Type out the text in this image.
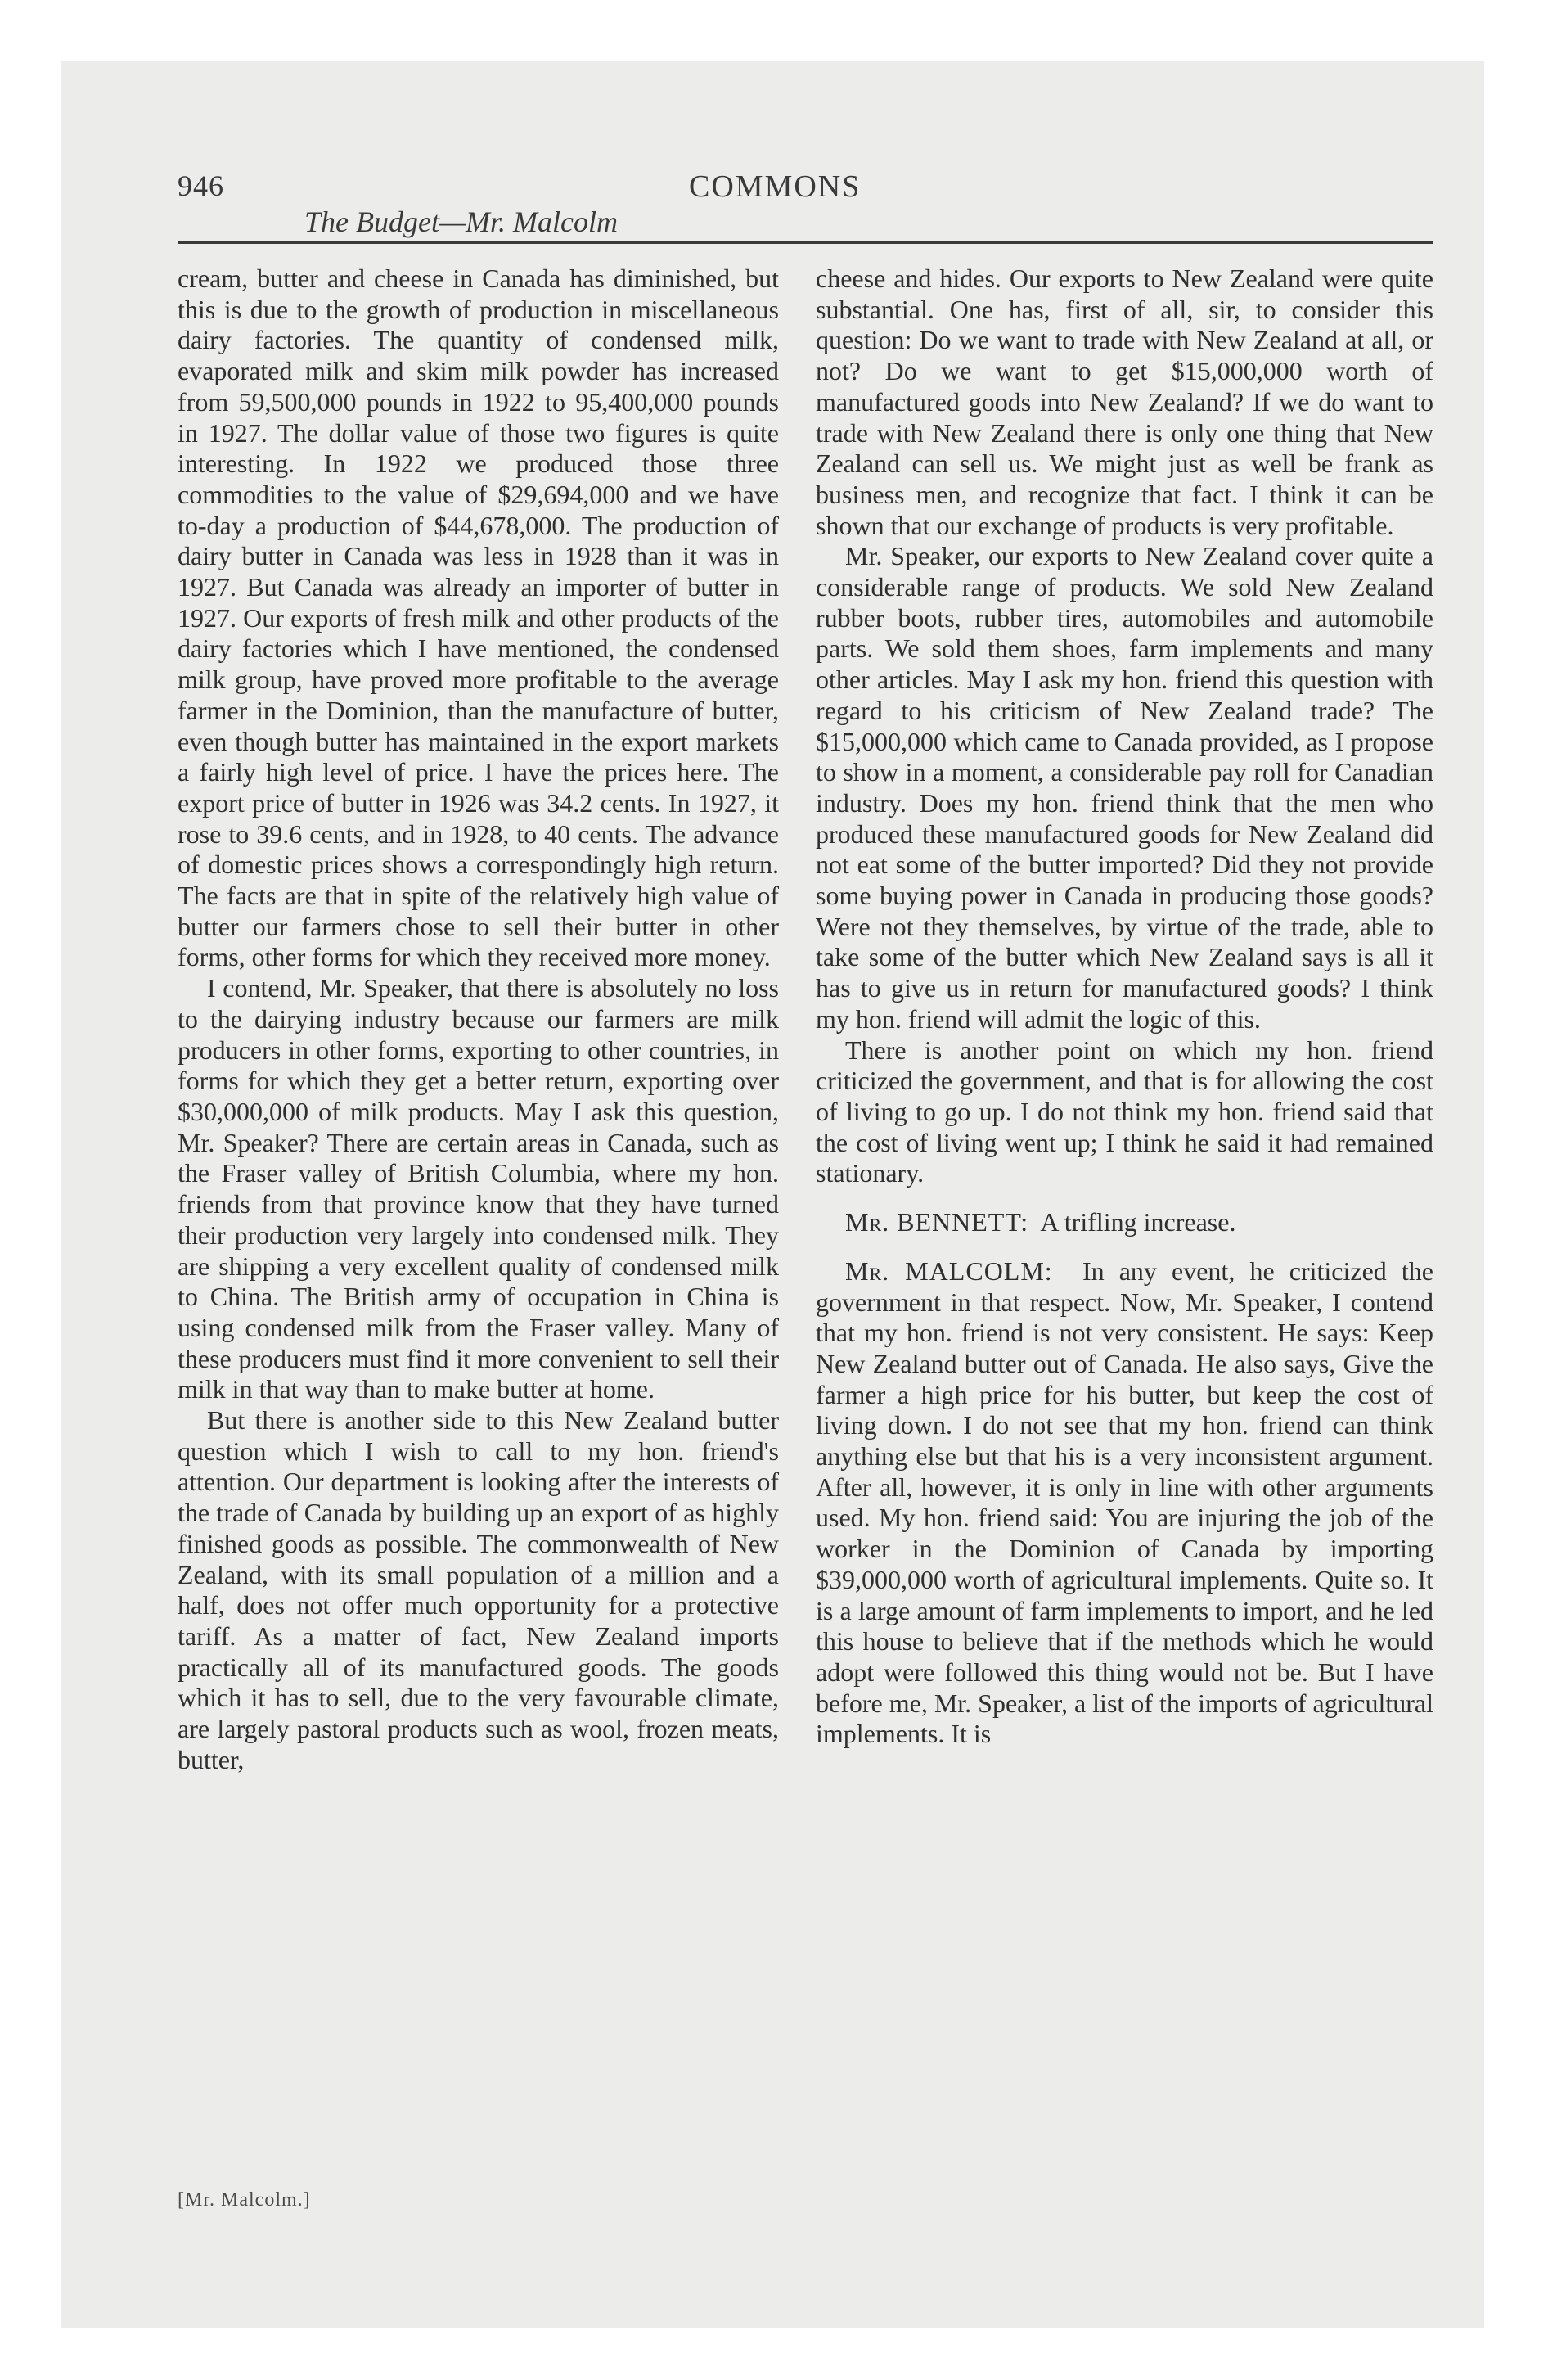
946
The Budget—Mr. Malcolm
COMMONS

cream, butter and cheese in Canada has diminished, but this is due to the growth of production in miscellaneous dairy factories. The quantity of condensed milk, evaporated milk and skim milk powder has increased from 59,500,000 pounds in 1922 to 95,400,000 pounds in 1927. The dollar value of those two figures is quite interesting. In 1922 we produced those three commodities to the value of $29,694,000 and we have to-day a production of $44,678,000. The production of dairy butter in Canada was less in 1928 than it was in 1927. But Canada was already an importer of butter in 1927. Our exports of fresh milk and other products of the dairy factories which I have mentioned, the condensed milk group, have proved more profitable to the average farmer in the Dominion, than the manufacture of butter, even though butter has maintained in the export markets a fairly high level of price. I have the prices here. The export price of butter in 1926 was 34.2 cents. In 1927, it rose to 39.6 cents, and in 1928, to 40 cents. The advance of domestic prices shows a correspondingly high return. The facts are that in spite of the relatively high value of butter our farmers chose to sell their butter in other forms, other forms for which they received more money.

I contend, Mr. Speaker, that there is absolutely no loss to the dairying industry because our farmers are milk producers in other forms, exporting to other countries, in forms for which they get a better return, exporting over $30,000,000 of milk products. May I ask this question, Mr. Speaker? There are certain areas in Canada, such as the Fraser valley of British Columbia, where my hon. friends from that province know that they have turned their production very largely into condensed milk. They are shipping a very excellent quality of condensed milk to China. The British army of occupation in China is using condensed milk from the Fraser valley. Many of these producers must find it more convenient to sell their milk in that way than to make butter at home.

But there is another side to this New Zealand butter question which I wish to call to my hon. friend's attention. Our department is looking after the interests of the trade of Canada by building up an export of as highly finished goods as possible. The commonwealth of New Zealand, with its small population of a million and a half, does not offer much opportunity for a protective tariff. As a matter of fact, New Zealand imports practically all of its manufactured goods. The goods which it has to sell, due to the very favourable climate, are largely pastoral products such as wool, frozen meats, butter,

cheese and hides. Our exports to New Zealand were quite substantial. One has, first of all, sir, to consider this question: Do we want to trade with New Zealand at all, or not? Do we want to get $15,000,000 worth of manufactured goods into New Zealand? If we do want to trade with New Zealand there is only one thing that New Zealand can sell us. We might just as well be frank as business men, and recognize that fact. I think it can be shown that our exchange of products is very profitable.

Mr. Speaker, our exports to New Zealand cover quite a considerable range of products. We sold New Zealand rubber boots, rubber tires, automobiles and automobile parts. We sold them shoes, farm implements and many other articles. May I ask my hon. friend this question with regard to his criticism of New Zealand trade? The $15,000,000 which came to Canada provided, as I propose to show in a moment, a considerable pay roll for Canadian industry. Does my hon. friend think that the men who produced these manufactured goods for New Zealand did not eat some of the butter imported? Did they not provide some buying power in Canada in producing those goods? Were not they themselves, by virtue of the trade, able to take some of the butter which New Zealand says is all it has to give us in return for manufactured goods? I think my hon. friend will admit the logic of this.

There is another point on which my hon. friend criticized the government, and that is for allowing the cost of living to go up. I do not think my hon. friend said that the cost of living went up; I think he said it had remained stationary.

Mr. BENNETT: A trifling increase.

Mr. MALCOLM: In any event, he criticized the government in that respect. Now, Mr. Speaker, I contend that my hon. friend is not very consistent. He says: Keep New Zealand butter out of Canada. He also says, Give the farmer a high price for his butter, but keep the cost of living down. I do not see that my hon. friend can think anything else but that his is a very inconsistent argument. After all, however, it is only in line with other arguments used. My hon. friend said: You are injuring the job of the worker in the Dominion of Canada by importing $39,000,000 worth of agricultural implements. Quite so. It is a large amount of farm implements to import, and he led this house to believe that if the methods which he would adopt were followed this thing would not be. But I have before me, Mr. Speaker, a list of the imports of agricultural implements. It is

[Mr. Malcolm.]
